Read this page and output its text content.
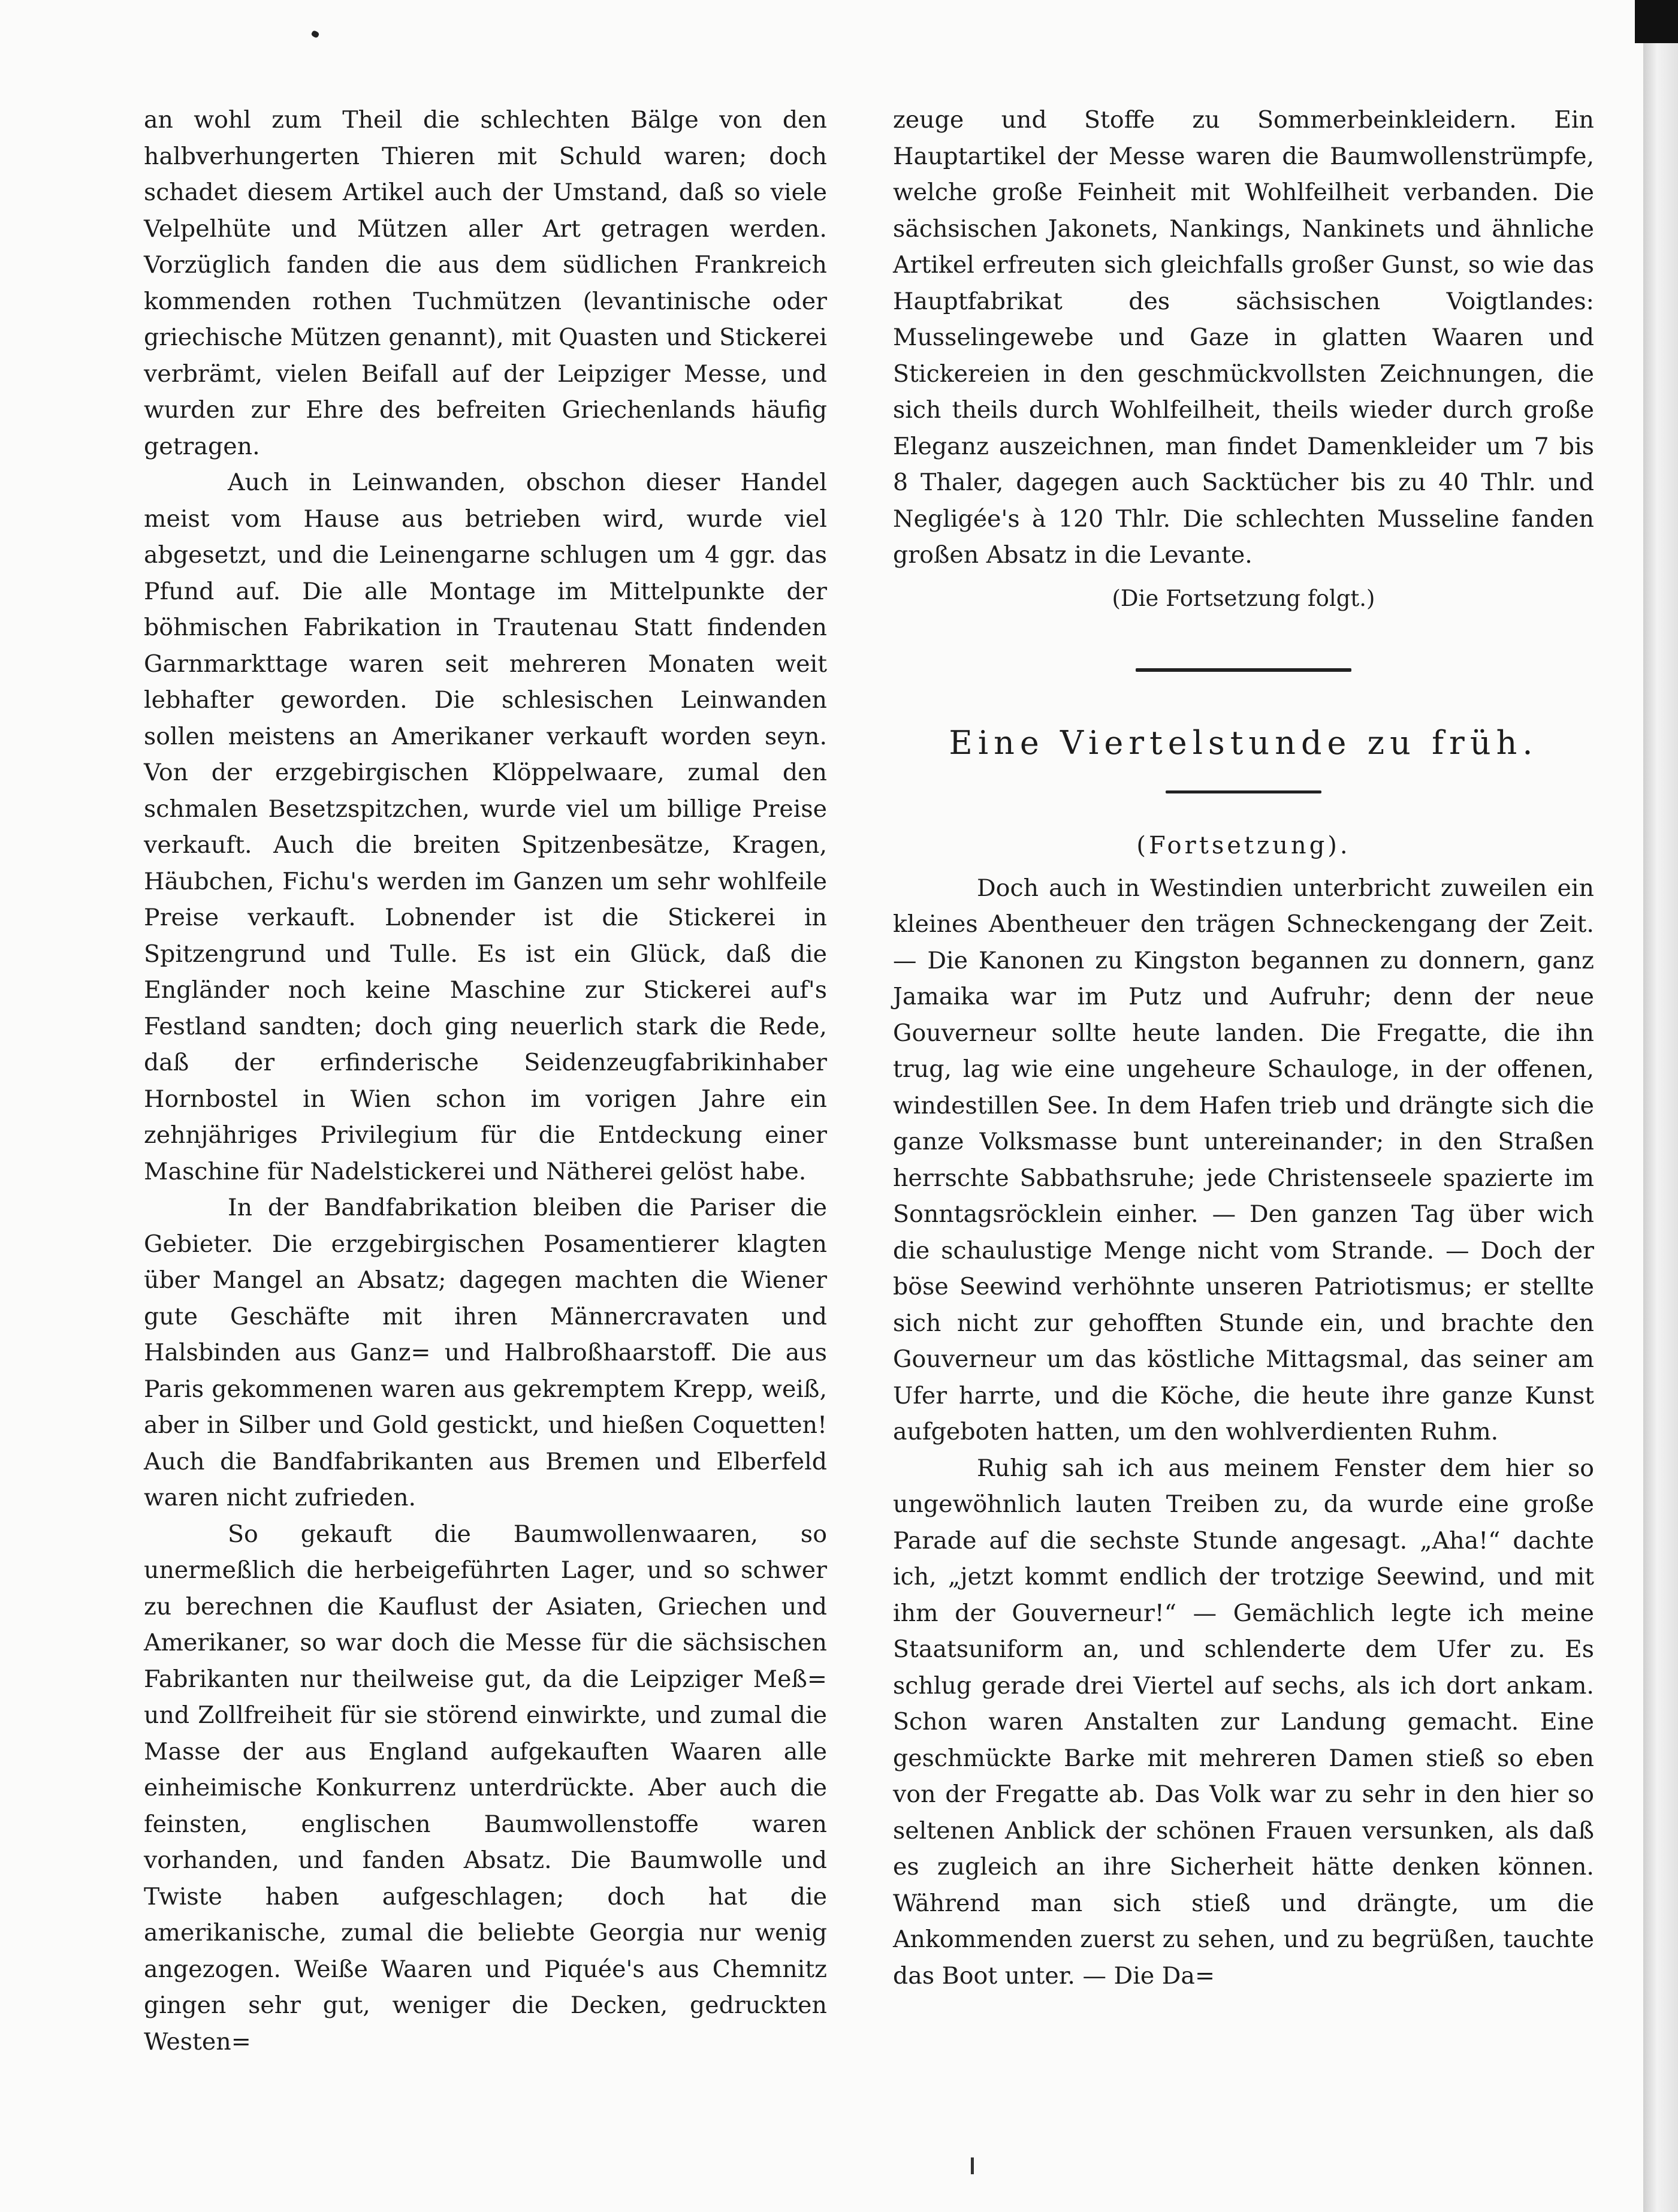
an wohl zum Theil die schlechten Bälge von den halbverhungerten Thieren mit Schuld waren; doch schadet diesem Artikel auch der Umstand, daß so viele Velpelhüte und Mützen aller Art getragen werden. Vorzüglich fanden die aus dem südlichen Frankreich kommenden rothen Tuchmützen (levantinische oder griechische Mützen genannt), mit Quasten und Stickerei verbrämt, vielen Beifall auf der Leipziger Messe, und wurden zur Ehre des befreiten Griechenlands häufig getragen.

Auch in Leinwanden, obschon dieser Handel meist vom Hause aus betrieben wird, wurde viel abgesetzt, und die Leinengarne schlugen um 4 ggr. das Pfund auf. Die alle Montage im Mittelpunkte der böhmischen Fabrikation in Trautenau Statt findenden Garnmarkttage waren seit mehreren Monaten weit lebhafter geworden. Die schlesischen Leinwanden sollen meistens an Amerikaner verkauft worden seyn. Von der erzgebirgischen Klöppelwaare, zumal den schmalen Besetzspitzchen, wurde viel um billige Preise verkauft. Auch die breiten Spitzenbesätze, Kragen, Häubchen, Fichu's werden im Ganzen um sehr wohlfeile Preise verkauft. Lobnender ist die Stickerei in Spitzengrund und Tulle. Es ist ein Glück, daß die Engländer noch keine Maschine zur Stickerei auf's Festland sandten; doch ging neuerlich stark die Rede, daß der erfinderische Seidenzeugfabrikinhaber Hornbostel in Wien schon im vorigen Jahre ein zehnjähriges Privilegium für die Entdeckung einer Maschine für Nadelstickerei und Nätherei gelöst habe.

In der Bandfabrikation bleiben die Pariser die Gebieter. Die erzgebirgischen Posamentierer klagten über Mangel an Absatz; dagegen machten die Wiener gute Geschäfte mit ihren Männercravaten und Halsbinden aus Ganz= und Halbroßhaarstoff. Die aus Paris gekommenen waren aus gekremptem Krepp, weiß, aber in Silber und Gold gestickt, und hießen Coquetten! Auch die Bandfabrikanten aus Bremen und Elberfeld waren nicht zufrieden.

So gekauft die Baumwollenwaaren, so unermeßlich die herbeigeführten Lager, und so schwer zu berechnen die Kauflust der Asiaten, Griechen und Amerikaner, so war doch die Messe für die sächsischen Fabrikanten nur theilweise gut, da die Leipziger Meß= und Zollfreiheit für sie störend einwirkte, und zumal die Masse der aus England aufgekauften Waaren alle einheimische Konkurrenz unterdrückte. Aber auch die feinsten, englischen Baumwollenstoffe waren vorhanden, und fanden Absatz. Die Baumwolle und Twiste haben aufgeschlagen; doch hat die amerikanische, zumal die beliebte Georgia nur wenig angezogen. Weiße Waaren und Piquée's aus Chemnitz gingen sehr gut, weniger die Decken, gedruckten Westen=

zeuge und Stoffe zu Sommerbeinkleidern. Ein Hauptartikel der Messe waren die Baumwollenstrümpfe, welche große Feinheit mit Wohlfeilheit verbanden. Die sächsischen Jakonets, Nankings, Nankinets und ähnliche Artikel erfreuten sich gleichfalls großer Gunst, so wie das Hauptfabrikat des sächsischen Voigtlandes: Musselingewebe und Gaze in glatten Waaren und Stickereien in den geschmückvollsten Zeichnungen, die sich theils durch Wohlfeilheit, theils wieder durch große Eleganz auszeichnen, man findet Damenkleider um 7 bis 8 Thaler, dagegen auch Sacktücher bis zu 40 Thlr. und Negligée's à 120 Thlr. Die schlechten Musseline fanden großen Absatz in die Levante.

(Die Fortsetzung folgt.)
Eine Viertelstunde zu früh.
(Fortsetzung).

Doch auch in Westindien unterbricht zuweilen ein kleines Abentheuer den trägen Schneckengang der Zeit. — Die Kanonen zu Kingston begannen zu donnern, ganz Jamaika war im Putz und Aufruhr; denn der neue Gouverneur sollte heute landen. Die Fregatte, die ihn trug, lag wie eine ungeheure Schauloge, in der offenen, windestillen See. In dem Hafen trieb und drängte sich die ganze Volksmasse bunt untereinander; in den Straßen herrschte Sabbathsruhe; jede Christenseele spazierte im Sonntagsröcklein einher. — Den ganzen Tag über wich die schaulustige Menge nicht vom Strande. — Doch der böse Seewind verhöhnte unseren Patriotismus; er stellte sich nicht zur gehofften Stunde ein, und brachte den Gouverneur um das köstliche Mittagsmal, das seiner am Ufer harrte, und die Köche, die heute ihre ganze Kunst aufgeboten hatten, um den wohlverdienten Ruhm.

Ruhig sah ich aus meinem Fenster dem hier so ungewöhnlich lauten Treiben zu, da wurde eine große Parade auf die sechste Stunde angesagt. „Aha!“ dachte ich, „jetzt kommt endlich der trotzige Seewind, und mit ihm der Gouverneur!“ — Gemächlich legte ich meine Staatsuniform an, und schlenderte dem Ufer zu. Es schlug gerade drei Viertel auf sechs, als ich dort ankam. Schon waren Anstalten zur Landung gemacht. Eine geschmückte Barke mit mehreren Damen stieß so eben von der Fregatte ab. Das Volk war zu sehr in den hier so seltenen Anblick der schönen Frauen versunken, als daß es zugleich an ihre Sicherheit hätte denken können. Während man sich stieß und drängte, um die Ankommenden zuerst zu sehen, und zu begrüßen, tauchte das Boot unter. — Die Da=
